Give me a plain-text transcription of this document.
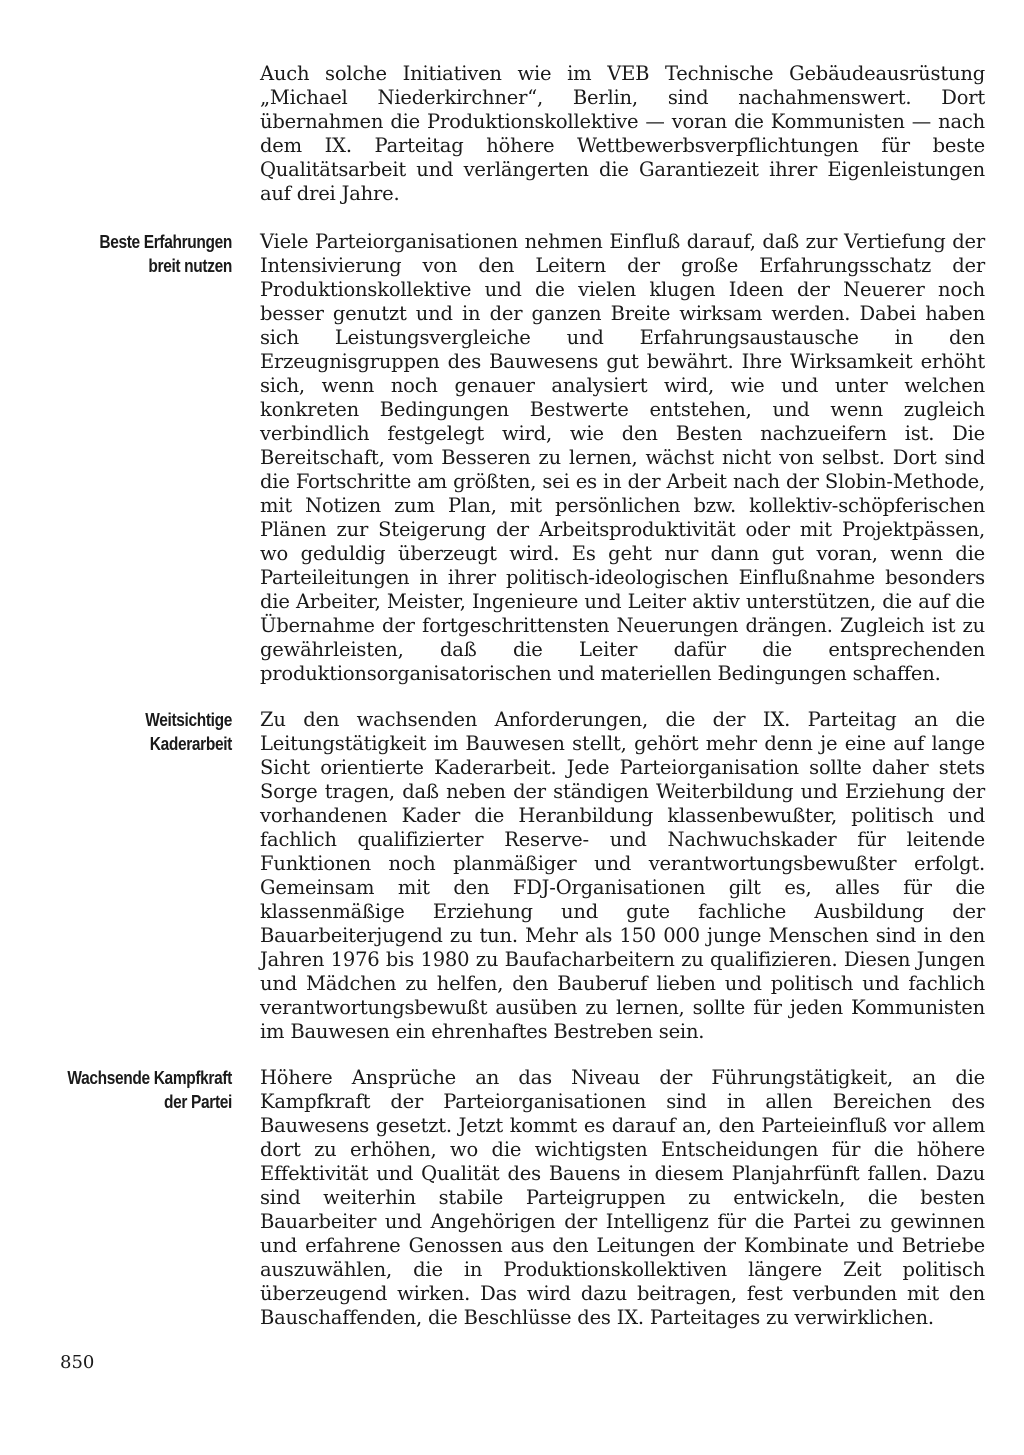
Auch solche Initiativen wie im VEB Technische Gebäudeausrüstung „Michael Niederkirchner“, Berlin, sind nachahmenswert. Dort übernahmen die Produktionskollektive — voran die Kommunisten — nach dem IX. Parteitag höhere Wettbewerbsverpflichtungen für beste Qualitätsarbeit und verlängerten die Garantiezeit ihrer Eigenleistungen auf drei Jahre.

Beste Erfahrungen
breit nutzen

Viele Parteiorganisationen nehmen Einfluß darauf, daß zur Vertiefung der Intensivierung von den Leitern der große Erfahrungsschatz der Produktionskollektive und die vielen klugen Ideen der Neuerer noch besser genutzt und in der ganzen Breite wirksam werden. Dabei haben sich Leistungsvergleiche und Erfahrungsaustausche in den Erzeugnisgruppen des Bauwesens gut bewährt. Ihre Wirksamkeit erhöht sich, wenn noch genauer analysiert wird, wie und unter welchen konkreten Bedingungen Bestwerte entstehen, und wenn zugleich verbindlich festgelegt wird, wie den Besten nachzueifern ist. Die Bereitschaft, vom Besseren zu lernen, wächst nicht von selbst. Dort sind die Fortschritte am größten, sei es in der Arbeit nach der Slobin-Methode, mit Notizen zum Plan, mit persönlichen bzw. kollektiv-schöpferischen Plänen zur Steigerung der Arbeitsproduktivität oder mit Projektpässen, wo geduldig überzeugt wird. Es geht nur dann gut voran, wenn die Parteileitungen in ihrer politisch-ideologischen Einflußnahme besonders die Arbeiter, Meister, Ingenieure und Leiter aktiv unterstützen, die auf die Übernahme der fortgeschrittensten Neuerungen drängen. Zugleich ist zu gewährleisten, daß die Leiter dafür die entsprechenden produktionsorganisatorischen und materiellen Bedingungen schaffen.

Weitsichtige
Kaderarbeit

Zu den wachsenden Anforderungen, die der IX. Parteitag an die Leitungstätigkeit im Bauwesen stellt, gehört mehr denn je eine auf lange Sicht orientierte Kaderarbeit. Jede Parteiorganisation sollte daher stets Sorge tragen, daß neben der ständigen Weiterbildung und Erziehung der vorhandenen Kader die Heranbildung klassenbewußter, politisch und fachlich qualifizierter Reserve- und Nachwuchskader für leitende Funktionen noch planmäßiger und verantwortungsbewußter erfolgt. Gemeinsam mit den FDJ-Organisationen gilt es, alles für die klassenmäßige Erziehung und gute fachliche Ausbildung der Bauarbeiterjugend zu tun. Mehr als 150 000 junge Menschen sind in den Jahren 1976 bis 1980 zu Baufacharbeitern zu qualifizieren. Diesen Jungen und Mädchen zu helfen, den Bauberuf lieben und politisch und fachlich verantwortungsbewußt ausüben zu lernen, sollte für jeden Kommunisten im Bauwesen ein ehrenhaftes Bestreben sein.

Wachsende Kampfkraft
der Partei

Höhere Ansprüche an das Niveau der Führungstätigkeit, an die Kampfkraft der Parteiorganisationen sind in allen Bereichen des Bauwesens gesetzt. Jetzt kommt es darauf an, den Parteieinfluß vor allem dort zu erhöhen, wo die wichtigsten Entscheidungen für die höhere Effektivität und Qualität des Bauens in diesem Planjahrfünft fallen. Dazu sind weiterhin stabile Parteigruppen zu entwickeln, die besten Bauarbeiter und Angehörigen der Intelligenz für die Partei zu gewinnen und erfahrene Genossen aus den Leitungen der Kombinate und Betriebe auszuwählen, die in Produktionskollektiven längere Zeit politisch überzeugend wirken. Das wird dazu beitragen, fest verbunden mit den Bauschaffenden, die Beschlüsse des IX. Parteitages zu verwirklichen.

850
